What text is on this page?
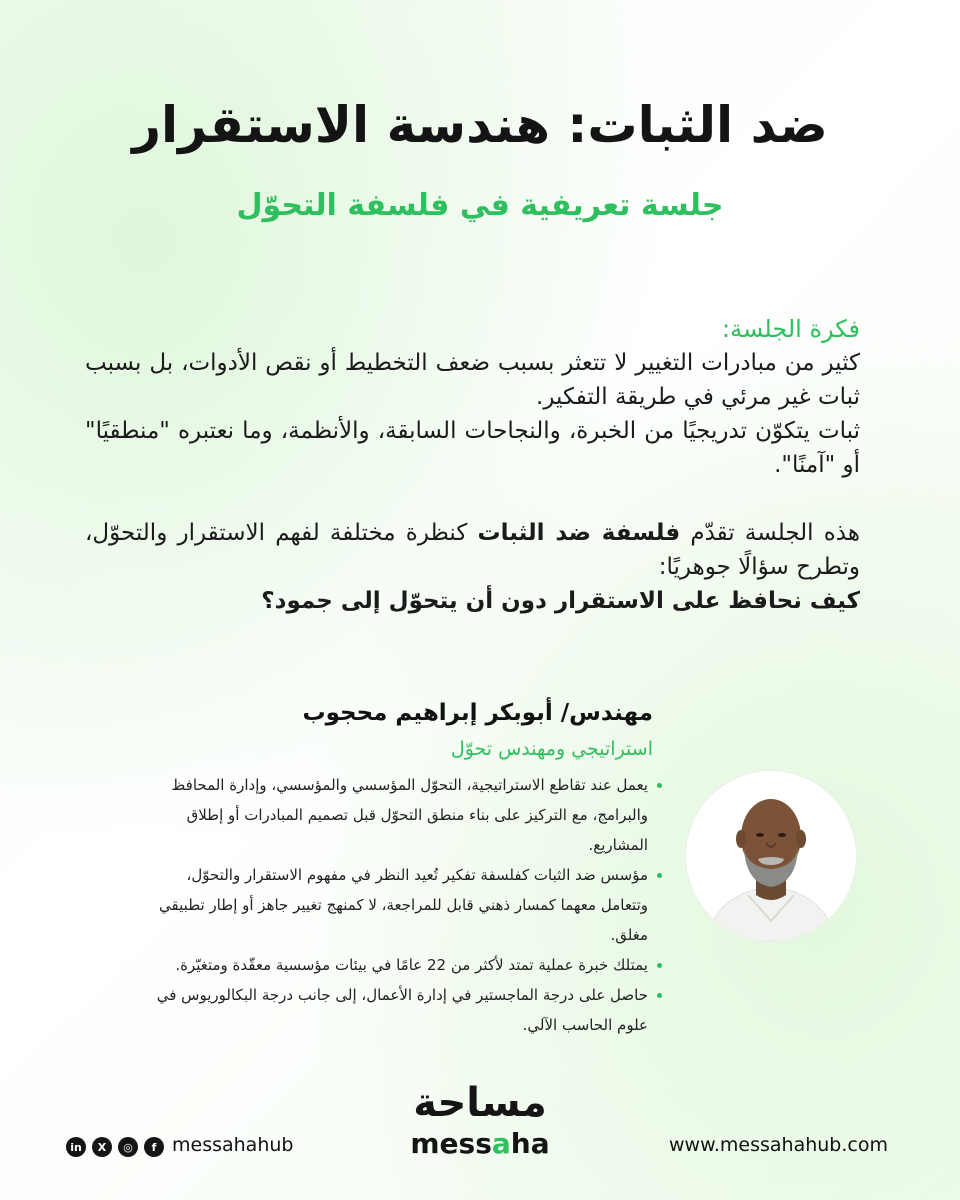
ضد الثبات: هندسة الاستقرار
جلسة تعريفية في فلسفة التحوّل

فكرة الجلسة:

كثير من مبادرات التغيير لا تتعثر بسبب ضعف التخطيط أو نقص الأدوات، بل بسبب ثبات غير مرئي في طريقة التفكير.

ثبات يتكوّن تدريجيًا من الخبرة، والنجاحات السابقة، والأنظمة، وما نعتبره "منطقيًا" أو "آمنًا".

هذه الجلسة تقدّم فلسفة ضد الثبات كنظرة مختلفة لفهم الاستقرار والتحوّل، وتطرح سؤالًا جوهريًا:

كيف نحافظ على الاستقرار دون أن يتحوّل إلى جمود؟

مهندس/ أبوبكر إبراهيم محجوب
استراتيجي ومهندس تحوّل
يعمل عند تقاطع الاستراتيجية، التحوّل المؤسسي والمؤسسي، وإدارة المحافظ والبرامج، مع التركيز على بناء منطق التحوّل قبل تصميم المبادرات أو إطلاق المشاريع.
مؤسس ضد الثبات كفلسفة تفكير تُعيد النظر في مفهوم الاستقرار والتحوّل، وتتعامل معهما كمسار ذهني قابل للمراجعة، لا كمنهج تغيير جاهز أو إطار تطبيقي مغلق.
يمتلك خبرة عملية تمتد لأكثر من 22 عامًا في بيئات مؤسسية معقّدة ومتغيّرة.
حاصل على درجة الماجستير في إدارة الأعمال، إلى جانب درجة البكالوريوس في علوم الحاسب الآلي.
مساحة
messaha	www.messahahub.com
in	X	◎	f messahahub
